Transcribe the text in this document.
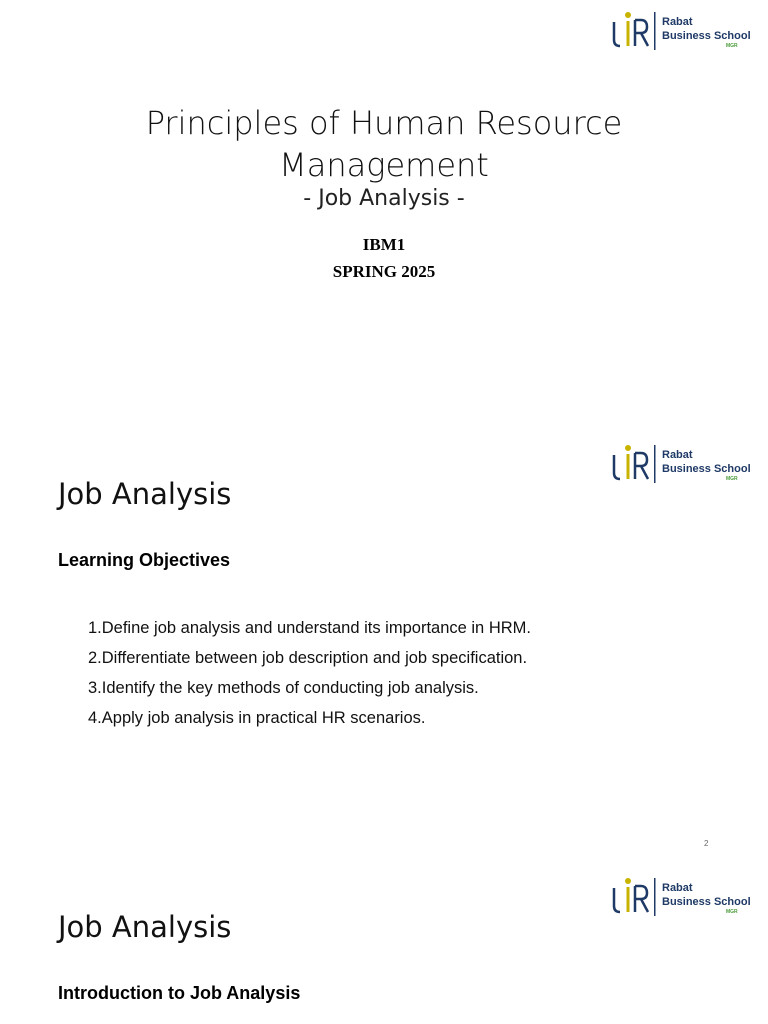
Rabat
Business School
MGR
Principles of Human Resource
Management
- Job Analysis -
IBM1
SPRING 2025
Rabat
Business School
MGR
Job Analysis
Learning Objectives
1.Define job analysis and understand its importance in HRM.
2.Differentiate between job description and job specification.
3.Identify the key methods of conducting job analysis.
4.Apply job analysis in practical HR scenarios.
2
Rabat
Business School
MGR
Job Analysis
Introduction to Job Analysis
